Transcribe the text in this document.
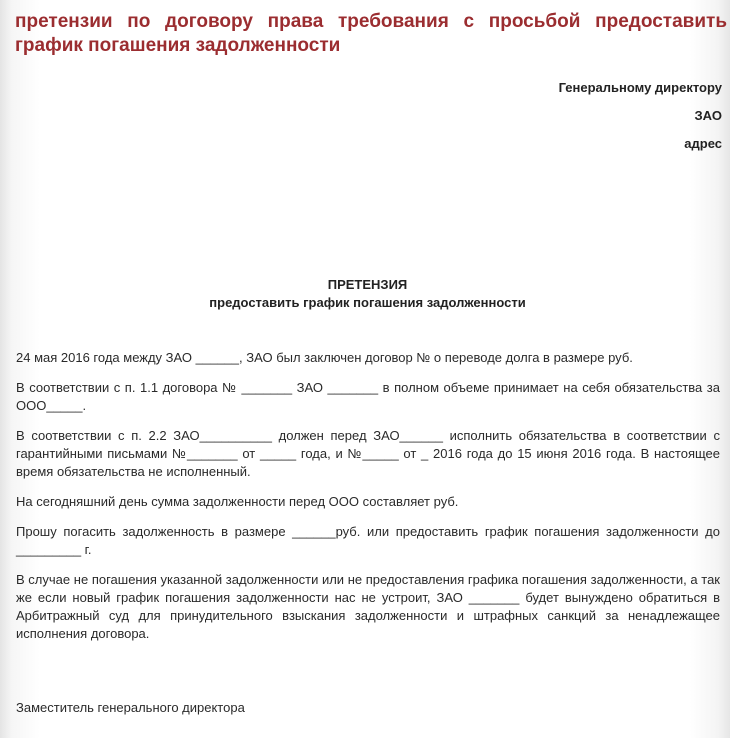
претензии по договору права требования с просьбой предоставить график погашения задолженности
Генеральному директору
ЗАО
адрес
ПРЕТЕНЗИЯ
предоставить график погашения задолженности

24 мая 2016 года между ЗАО ______, ЗАО был заключен договор № о переводе долга в размере руб.

В соответствии с п. 1.1 договора № _______ ЗАО _______ в полном объеме принимает на себя обязательства за ООО_____.

В соответствии с п. 2.2 ЗАО__________ должен перед ЗАО______ исполнить обязательства в соответствии с гарантийными письмами №_______ от _____ года, и №_____ от _ 2016 года до 15 июня 2016 года. В настоящее время обязательства не исполненный.

На сегодняшний день сумма задолженности перед ООО составляет руб.

Прошу погасить задолженность в размере ______руб. или предоставить график погашения задолженности до _________ г.

В случае не погашения указанной задолженности или не предоставления графика погашения задолженности, а так же если новый график погашения задолженности нас не устроит, ЗАО _______ будет вынуждено обратиться в Арбитражный суд для принудительного взыскания задолженности и штрафных санкций за ненадлежащее исполнения договора.

Заместитель генерального директора
